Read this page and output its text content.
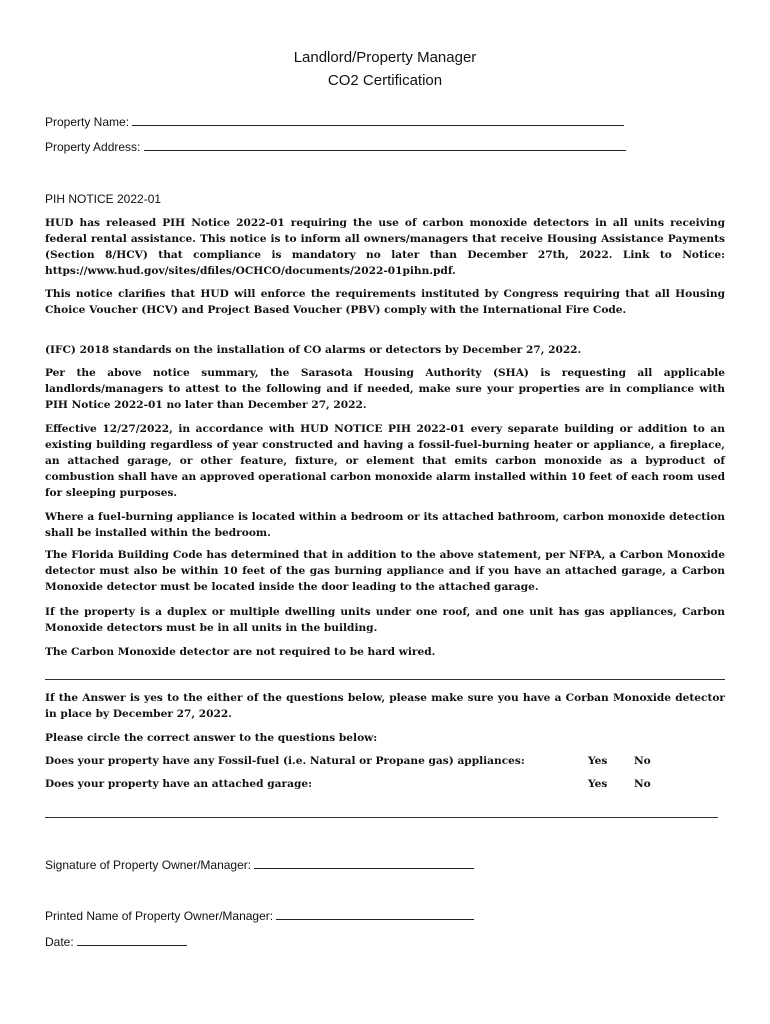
Landlord/Property Manager
CO2 Certification
Property Name:
Property Address:
PIH NOTICE 2022-01

HUD has released PIH Notice 2022-01 requiring the use of carbon monoxide detectors in all units receiving federal rental assistance. This notice is to inform all owners/managers that receive Housing Assistance Payments (Section 8/HCV) that compliance is mandatory no later than December 27th, 2022. Link to Notice: https://www.hud.gov/sites/dfiles/OCHCO/documents/2022-01pihn.pdf.

This notice clarifies that HUD will enforce the requirements instituted by Congress requiring that all Housing Choice Voucher (HCV) and Project Based Voucher (PBV) comply with the International Fire Code.

(IFC) 2018 standards on the installation of CO alarms or detectors by December 27, 2022.

Per the above notice summary, the Sarasota Housing Authority (SHA) is requesting all applicable landlords/managers to attest to the following and if needed, make sure your properties are in compliance with PIH Notice 2022-01 no later than December 27, 2022.

Effective 12/27/2022, in accordance with HUD NOTICE PIH 2022-01 every separate building or addition to an existing building regardless of year constructed and having a fossil-fuel-burning heater or appliance, a fireplace, an attached garage, or other feature, fixture, or element that emits carbon monoxide as a byproduct of combustion shall have an approved operational carbon monoxide alarm installed within 10 feet of each room used for sleeping purposes.

Where a fuel-burning appliance is located within a bedroom or its attached bathroom, carbon monoxide detection shall be installed within the bedroom.

The Florida Building Code has determined that in addition to the above statement, per NFPA, a Carbon Monoxide detector must also be within 10 feet of the gas burning appliance and if you have an attached garage, a Carbon Monoxide detector must be located inside the door leading to the attached garage.

If the property is a duplex or multiple dwelling units under one roof, and one unit has gas appliances, Carbon Monoxide detectors must be in all units in the building.

The Carbon Monoxide detector are not required to be hard wired.

If the Answer is yes to the either of the questions below, please make sure you have a Corban Monoxide detector in place by December 27, 2022.

Please circle the correct answer to the questions below:

Does your property have any Fossil-fuel (i.e. Natural or Propane gas) appliances:	Yes	No
Does your property have an attached garage:	Yes	No
Signature of Property Owner/Manager:
Printed Name of Property Owner/Manager:
Date:
